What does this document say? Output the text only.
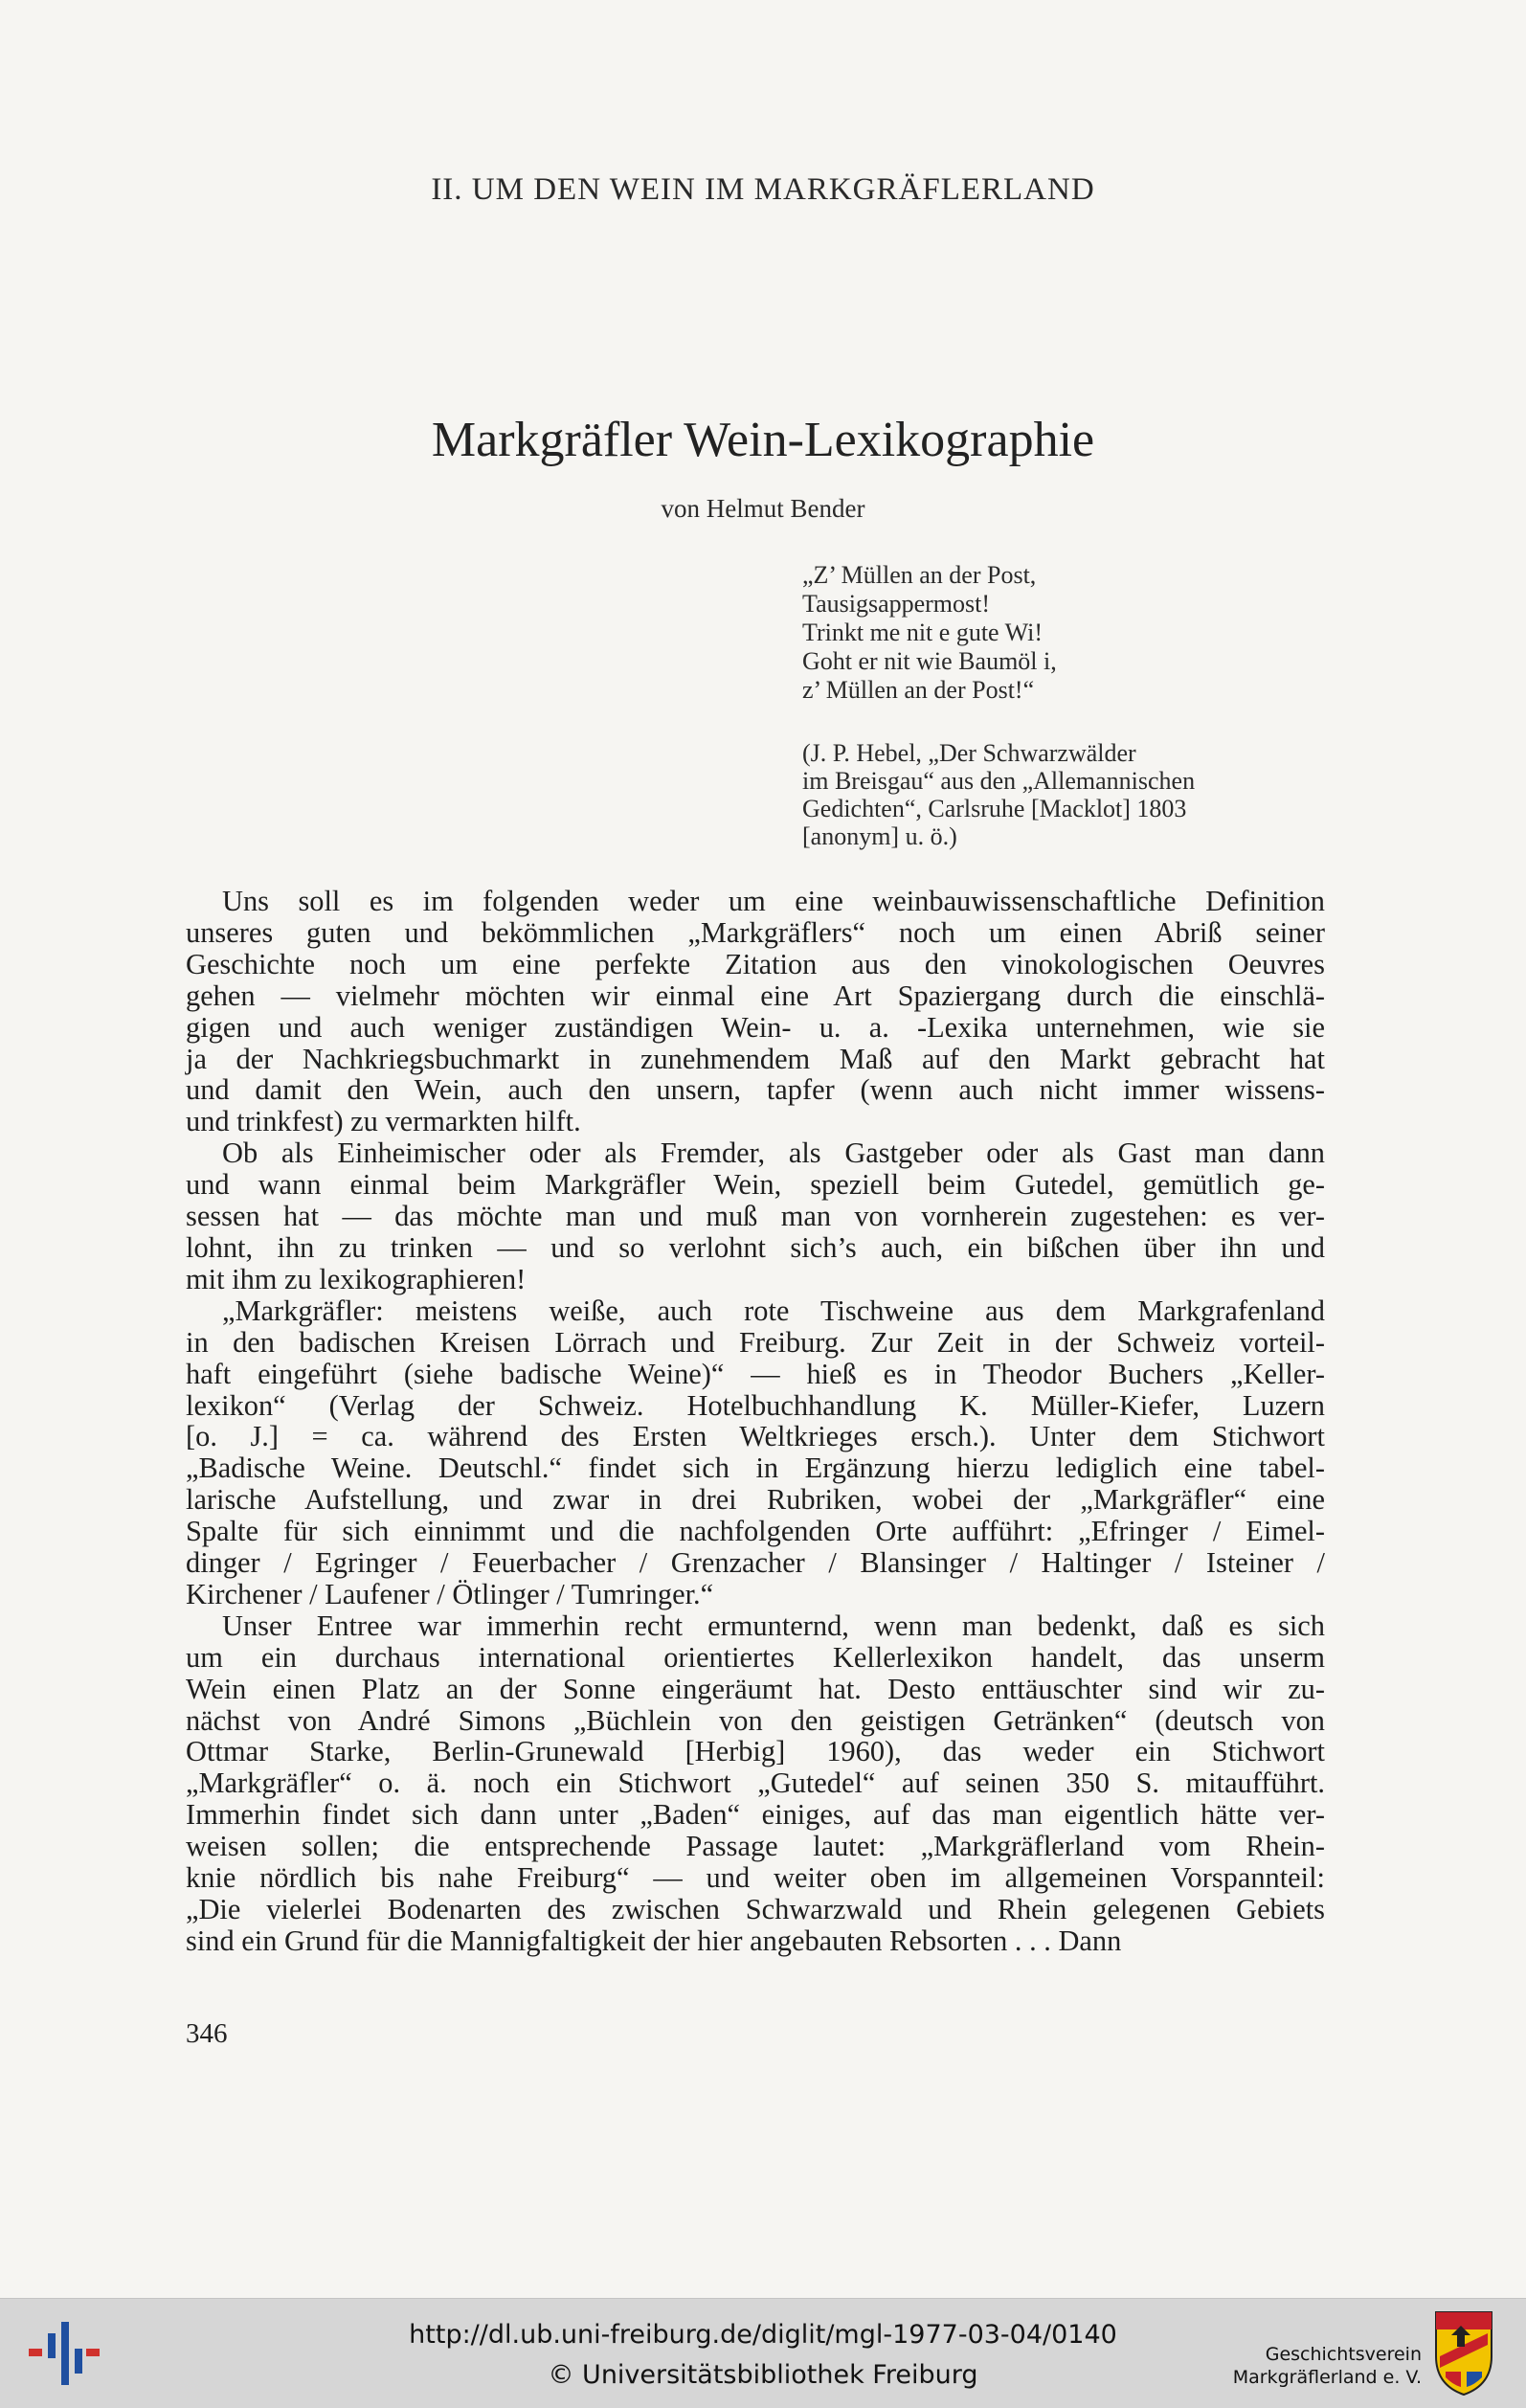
II. UM DEN WEIN IM MARKGRÄFLERLAND
Markgräfler Wein-Lexikographie
von Helmut Bender
„Z’ Müllen an der Post,
Tausigsappermost!
Trinkt me nit e gute Wi!
Goht er nit wie Baumöl i,
z’ Müllen an der Post!“
(J. P. Hebel, „Der Schwarzwälder
im Breisgau“ aus den „Allemannischen
Gedichten“, Carlsruhe [Macklot] 1803
[anonym] u. ö.)
Uns soll es im folgenden weder um eine weinbauwissenschaftliche Definition
unseres guten und bekömmlichen „Markgräflers“ noch um einen Abriß seiner
Geschichte noch um eine perfekte Zitation aus den vinokologischen Oeuvres
gehen — vielmehr möchten wir einmal eine Art Spaziergang durch die einschlä-
gigen und auch weniger zuständigen Wein- u. a. -Lexika unternehmen, wie sie
ja der Nachkriegsbuchmarkt in zunehmendem Maß auf den Markt gebracht hat
und damit den Wein, auch den unsern, tapfer (wenn auch nicht immer wissens-
und trinkfest) zu vermarkten hilft.
Ob als Einheimischer oder als Fremder, als Gastgeber oder als Gast man dann
und wann einmal beim Markgräfler Wein, speziell beim Gutedel, gemütlich ge-
sessen hat — das möchte man und muß man von vornherein zugestehen: es ver-
lohnt, ihn zu trinken — und so verlohnt sich’s auch, ein bißchen über ihn und
mit ihm zu lexikographieren!
„Markgräfler: meistens weiße, auch rote Tischweine aus dem Markgrafenland
in den badischen Kreisen Lörrach und Freiburg. Zur Zeit in der Schweiz vorteil-
haft eingeführt (siehe badische Weine)“ — hieß es in Theodor Buchers „Keller-
lexikon“ (Verlag der Schweiz. Hotelbuchhandlung K. Müller-Kiefer, Luzern
[o. J.] = ca. während des Ersten Weltkrieges ersch.). Unter dem Stichwort
„Badische Weine. Deutschl.“ findet sich in Ergänzung hierzu lediglich eine tabel-
larische Aufstellung, und zwar in drei Rubriken, wobei der „Markgräfler“ eine
Spalte für sich einnimmt und die nachfolgenden Orte aufführt: „Efringer / Eimel-
dinger / Egringer / Feuerbacher / Grenzacher / Blansinger / Haltinger / Isteiner /
Kirchener / Laufener / Ötlinger / Tumringer.“
Unser Entree war immerhin recht ermunternd, wenn man bedenkt, daß es sich
um ein durchaus international orientiertes Kellerlexikon handelt, das unserm
Wein einen Platz an der Sonne eingeräumt hat. Desto enttäuschter sind wir zu-
nächst von André Simons „Büchlein von den geistigen Getränken“ (deutsch von
Ottmar Starke, Berlin-Grunewald [Herbig] 1960), das weder ein Stichwort
„Markgräfler“ o. ä. noch ein Stichwort „Gutedel“ auf seinen 350 S. mitaufführt.
Immerhin findet sich dann unter „Baden“ einiges, auf das man eigentlich hätte ver-
weisen sollen; die entsprechende Passage lautet: „Markgräflerland vom Rhein-
knie nördlich bis nahe Freiburg“ — und weiter oben im allgemeinen Vorspannteil:
„Die vielerlei Bodenarten des zwischen Schwarzwald und Rhein gelegenen Gebiets
sind ein Grund für die Mannigfaltigkeit der hier angebauten Rebsorten . . . Dann
346
http://dl.ub.uni-freiburg.de/diglit/mgl-1977-03-04/0140
© Universitätsbibliothek Freiburg
Geschichtsverein
Markgräflerland e. V.
